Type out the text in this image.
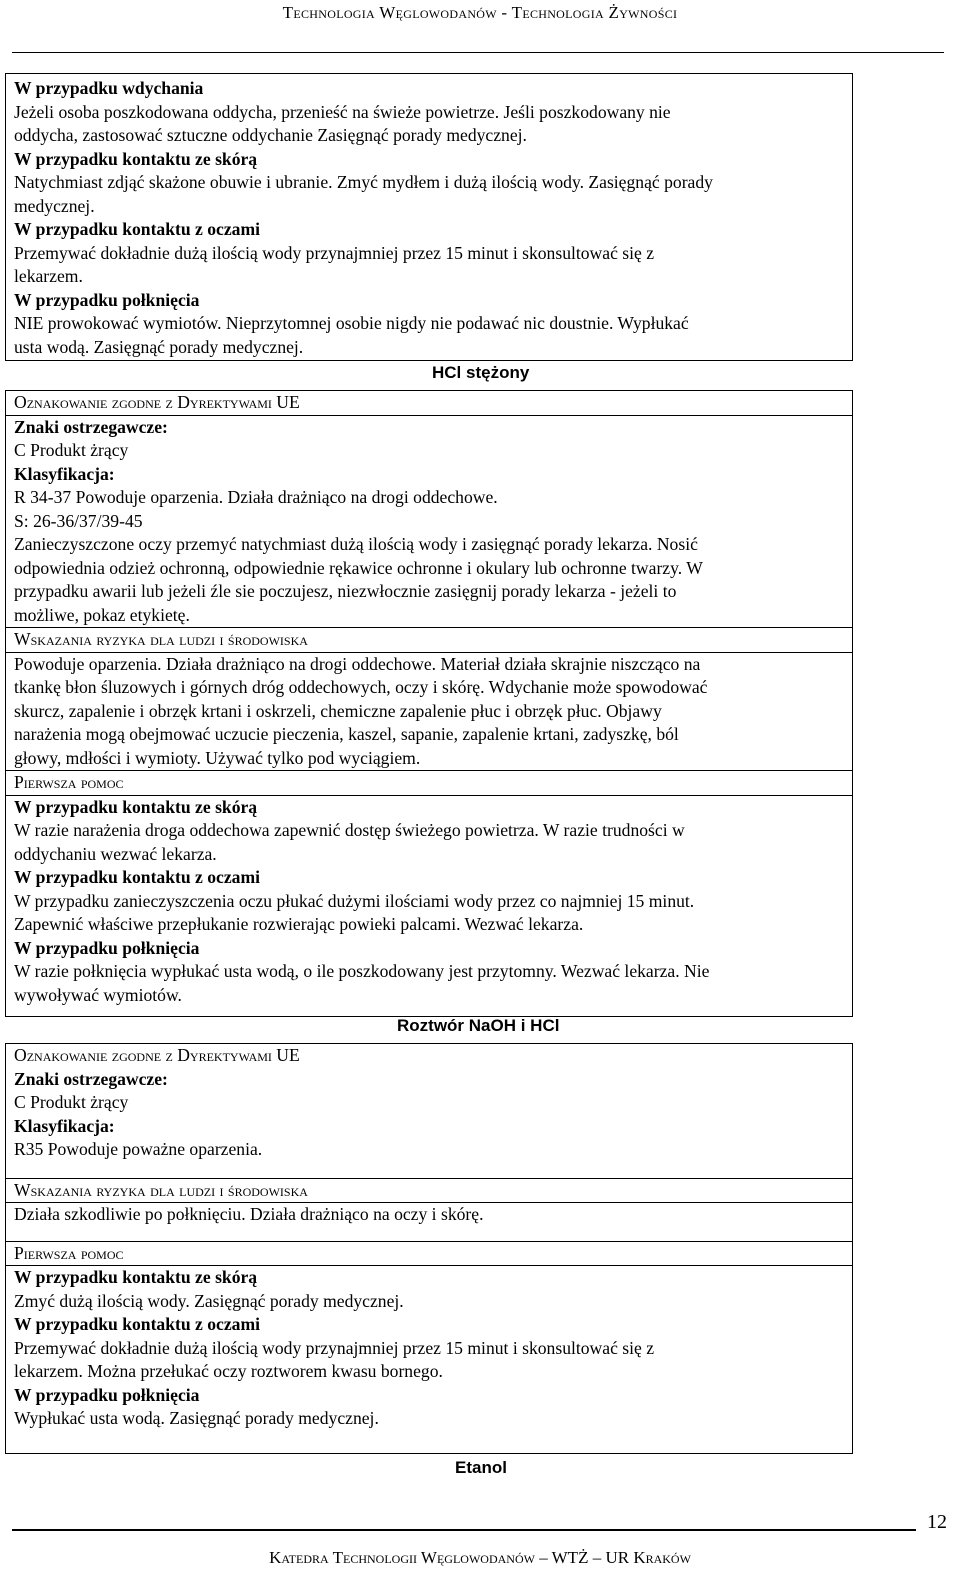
Technologia Węglowodanów - Technologia Żywności
W przypadku wdychania
Jeżeli osoba poszkodowana oddycha, przenieść na świeże powietrze. Jeśli poszkodowany nie
oddycha, zastosować sztuczne oddychanie Zasięgnąć porady medycznej.
W przypadku kontaktu ze skórą
Natychmiast zdjąć skażone obuwie i ubranie. Zmyć mydłem i dużą ilością wody. Zasięgnąć porady
medycznej.
W przypadku kontaktu z oczami
Przemywać dokładnie dużą ilością wody przynajmniej przez 15 minut i skonsultować się z
lekarzem.
W przypadku połknięcia
NIE prowokować wymiotów. Nieprzytomnej osobie nigdy nie podawać nic doustnie. Wypłukać
usta wodą. Zasięgnąć porady medycznej.
HCl stężony
Oznakowanie zgodne z Dyrektywami UE
Znaki ostrzegawcze:
C Produkt żrący
Klasyfikacja:
R 34-37 Powoduje oparzenia. Działa drażniąco na drogi oddechowe.
S: 26-36/37/39-45
Zanieczyszczone oczy przemyć natychmiast dużą ilością wody i zasięgnąć porady lekarza. Nosić
odpowiednia odzież ochronną, odpowiednie rękawice ochronne i okulary lub ochronne twarzy. W
przypadku awarii lub jeżeli źle sie poczujesz, niezwłocznie zasięgnij porady lekarza - jeżeli to
możliwe, pokaz etykietę.
Wskazania ryzyka dla ludzi i środowiska
Powoduje oparzenia. Działa drażniąco na drogi oddechowe. Materiał działa skrajnie niszcząco na
tkankę błon śluzowych i górnych dróg oddechowych, oczy i skórę. Wdychanie może spowodować
skurcz, zapalenie i obrzęk krtani i oskrzeli, chemiczne zapalenie płuc i obrzęk płuc. Objawy
narażenia mogą obejmować uczucie pieczenia, kaszel, sapanie, zapalenie krtani, zadyszkę, ból
głowy, mdłości i wymioty. Używać tylko pod wyciągiem.
Pierwsza pomoc
W przypadku kontaktu ze skórą
W razie narażenia droga oddechowa zapewnić dostęp świeżego powietrza. W razie trudności w
oddychaniu wezwać lekarza.
W przypadku kontaktu z oczami
W przypadku zanieczyszczenia oczu płukać dużymi ilościami wody przez co najmniej 15 minut.
Zapewnić właściwe przepłukanie rozwierając powieki palcami. Wezwać lekarza.
W przypadku połknięcia
W razie połknięcia wypłukać usta wodą, o ile poszkodowany jest przytomny. Wezwać lekarza. Nie
wywoływać wymiotów.
Roztwór NaOH i HCl
Oznakowanie zgodne z Dyrektywami UE
Znaki ostrzegawcze:
C Produkt żrący
Klasyfikacja:
R35 Powoduje poważne oparzenia.
Wskazania ryzyka dla ludzi i środowiska
Działa szkodliwie po połknięciu. Działa drażniąco na oczy i skórę.
Pierwsza pomoc
W przypadku kontaktu ze skórą
Zmyć dużą ilością wody. Zasięgnąć porady medycznej.
W przypadku kontaktu z oczami
Przemywać dokładnie dużą ilością wody przynajmniej przez 15 minut i skonsultować się z
lekarzem. Można przełukać oczy roztworem kwasu bornego.
W przypadku połknięcia
Wypłukać usta wodą. Zasięgnąć porady medycznej.
Etanol
12
Katedra Technologii Węglowodanów – WTŻ – UR Kraków
